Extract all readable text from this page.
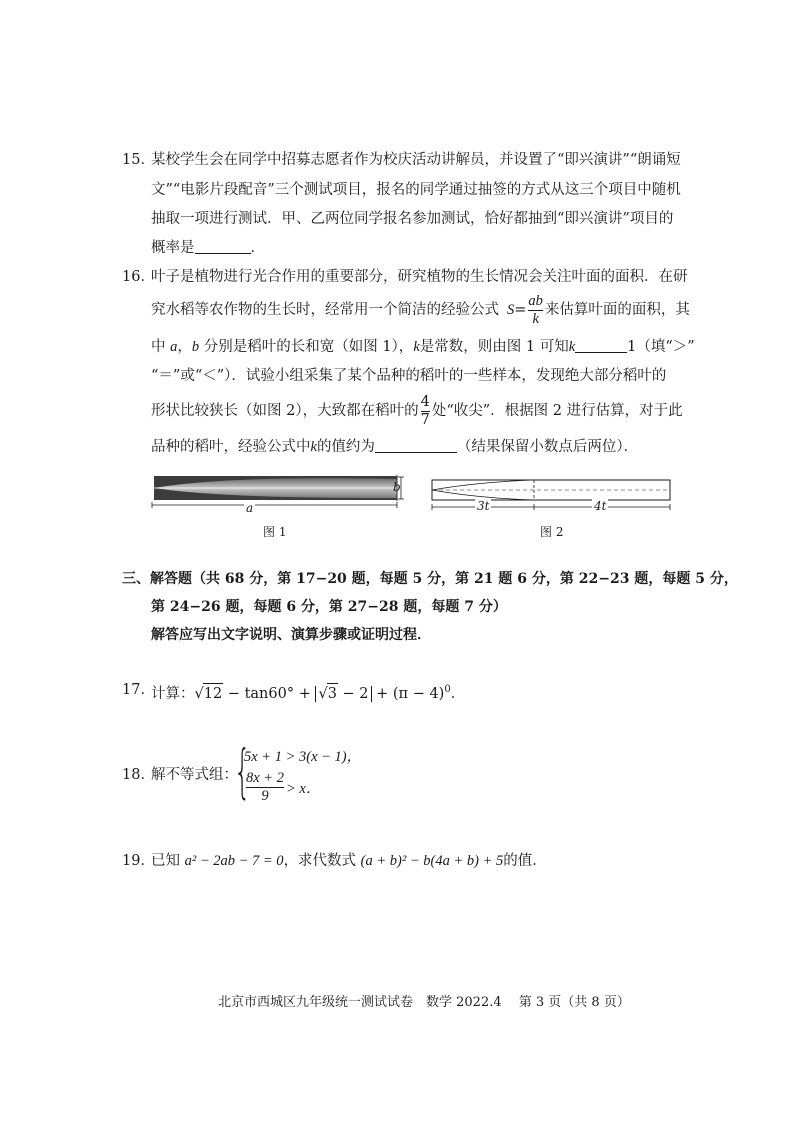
15．
某校学生会在同学中招募志愿者作为校庆活动讲解员，并设置了“即兴演讲”“朗诵短
文”“电影片段配音”三个测试项目，报名的同学通过抽签的方式从这三个项目中随机
抽取一项进行测试．甲、乙两位同学报名参加测试，恰好都抽到“即兴演讲”项目的
概率是	．
16．
叶子是植物进行光合作用的重要部分，研究植物的生长情况会关注叶面的面积．在研
究水稻等农作物的生长时，经常用一个简洁的经验公式 $S= \frac{ab}{k}$ 来估算叶面的面积，其
中 a，b 分别是稻叶的长和宽（如图 1），k是常数，则由图 1 可知k	1（填“＞”
“＝”或“＜”）．试验小组采集了某个品种的稻叶的一些样本，发现绝大部分稻叶的
形状比较狭长（如图 2），大致都在稻叶的 $\frac{4}{7}$ 处“收尖”．根据图 2 进行估算，对于此
品种的稻叶，经验公式中k的值约为	（结果保留小数点后两位）．
a
b
图 1
3t	4t
图 2
三、解答题（共 68 分，第 17−20 题，每题 5 分，第 21 题 6 分，第 22−23 题，每题 5 分，
第 24−26 题，每题 6 分，第 27−28 题，每题 7 分）
解答应写出文字说明、演算步骤或证明过程．
17．
计算：$√12 - \tan 60^\circ + √3 - 2 + (\pi - 4)^0$．
18．
解不等式组：
{
5x + 1 > 3(x − 1)，
$\frac{8x + 2}{9} > x$．
19．
已知 a² − 2ab − 7 = 0，求代数式 (a + b)² − b(4a + b) + 5的值．
北京市西城区九年级统一测试试卷　数学 2022.4　 第 3 页（共 8 页）
